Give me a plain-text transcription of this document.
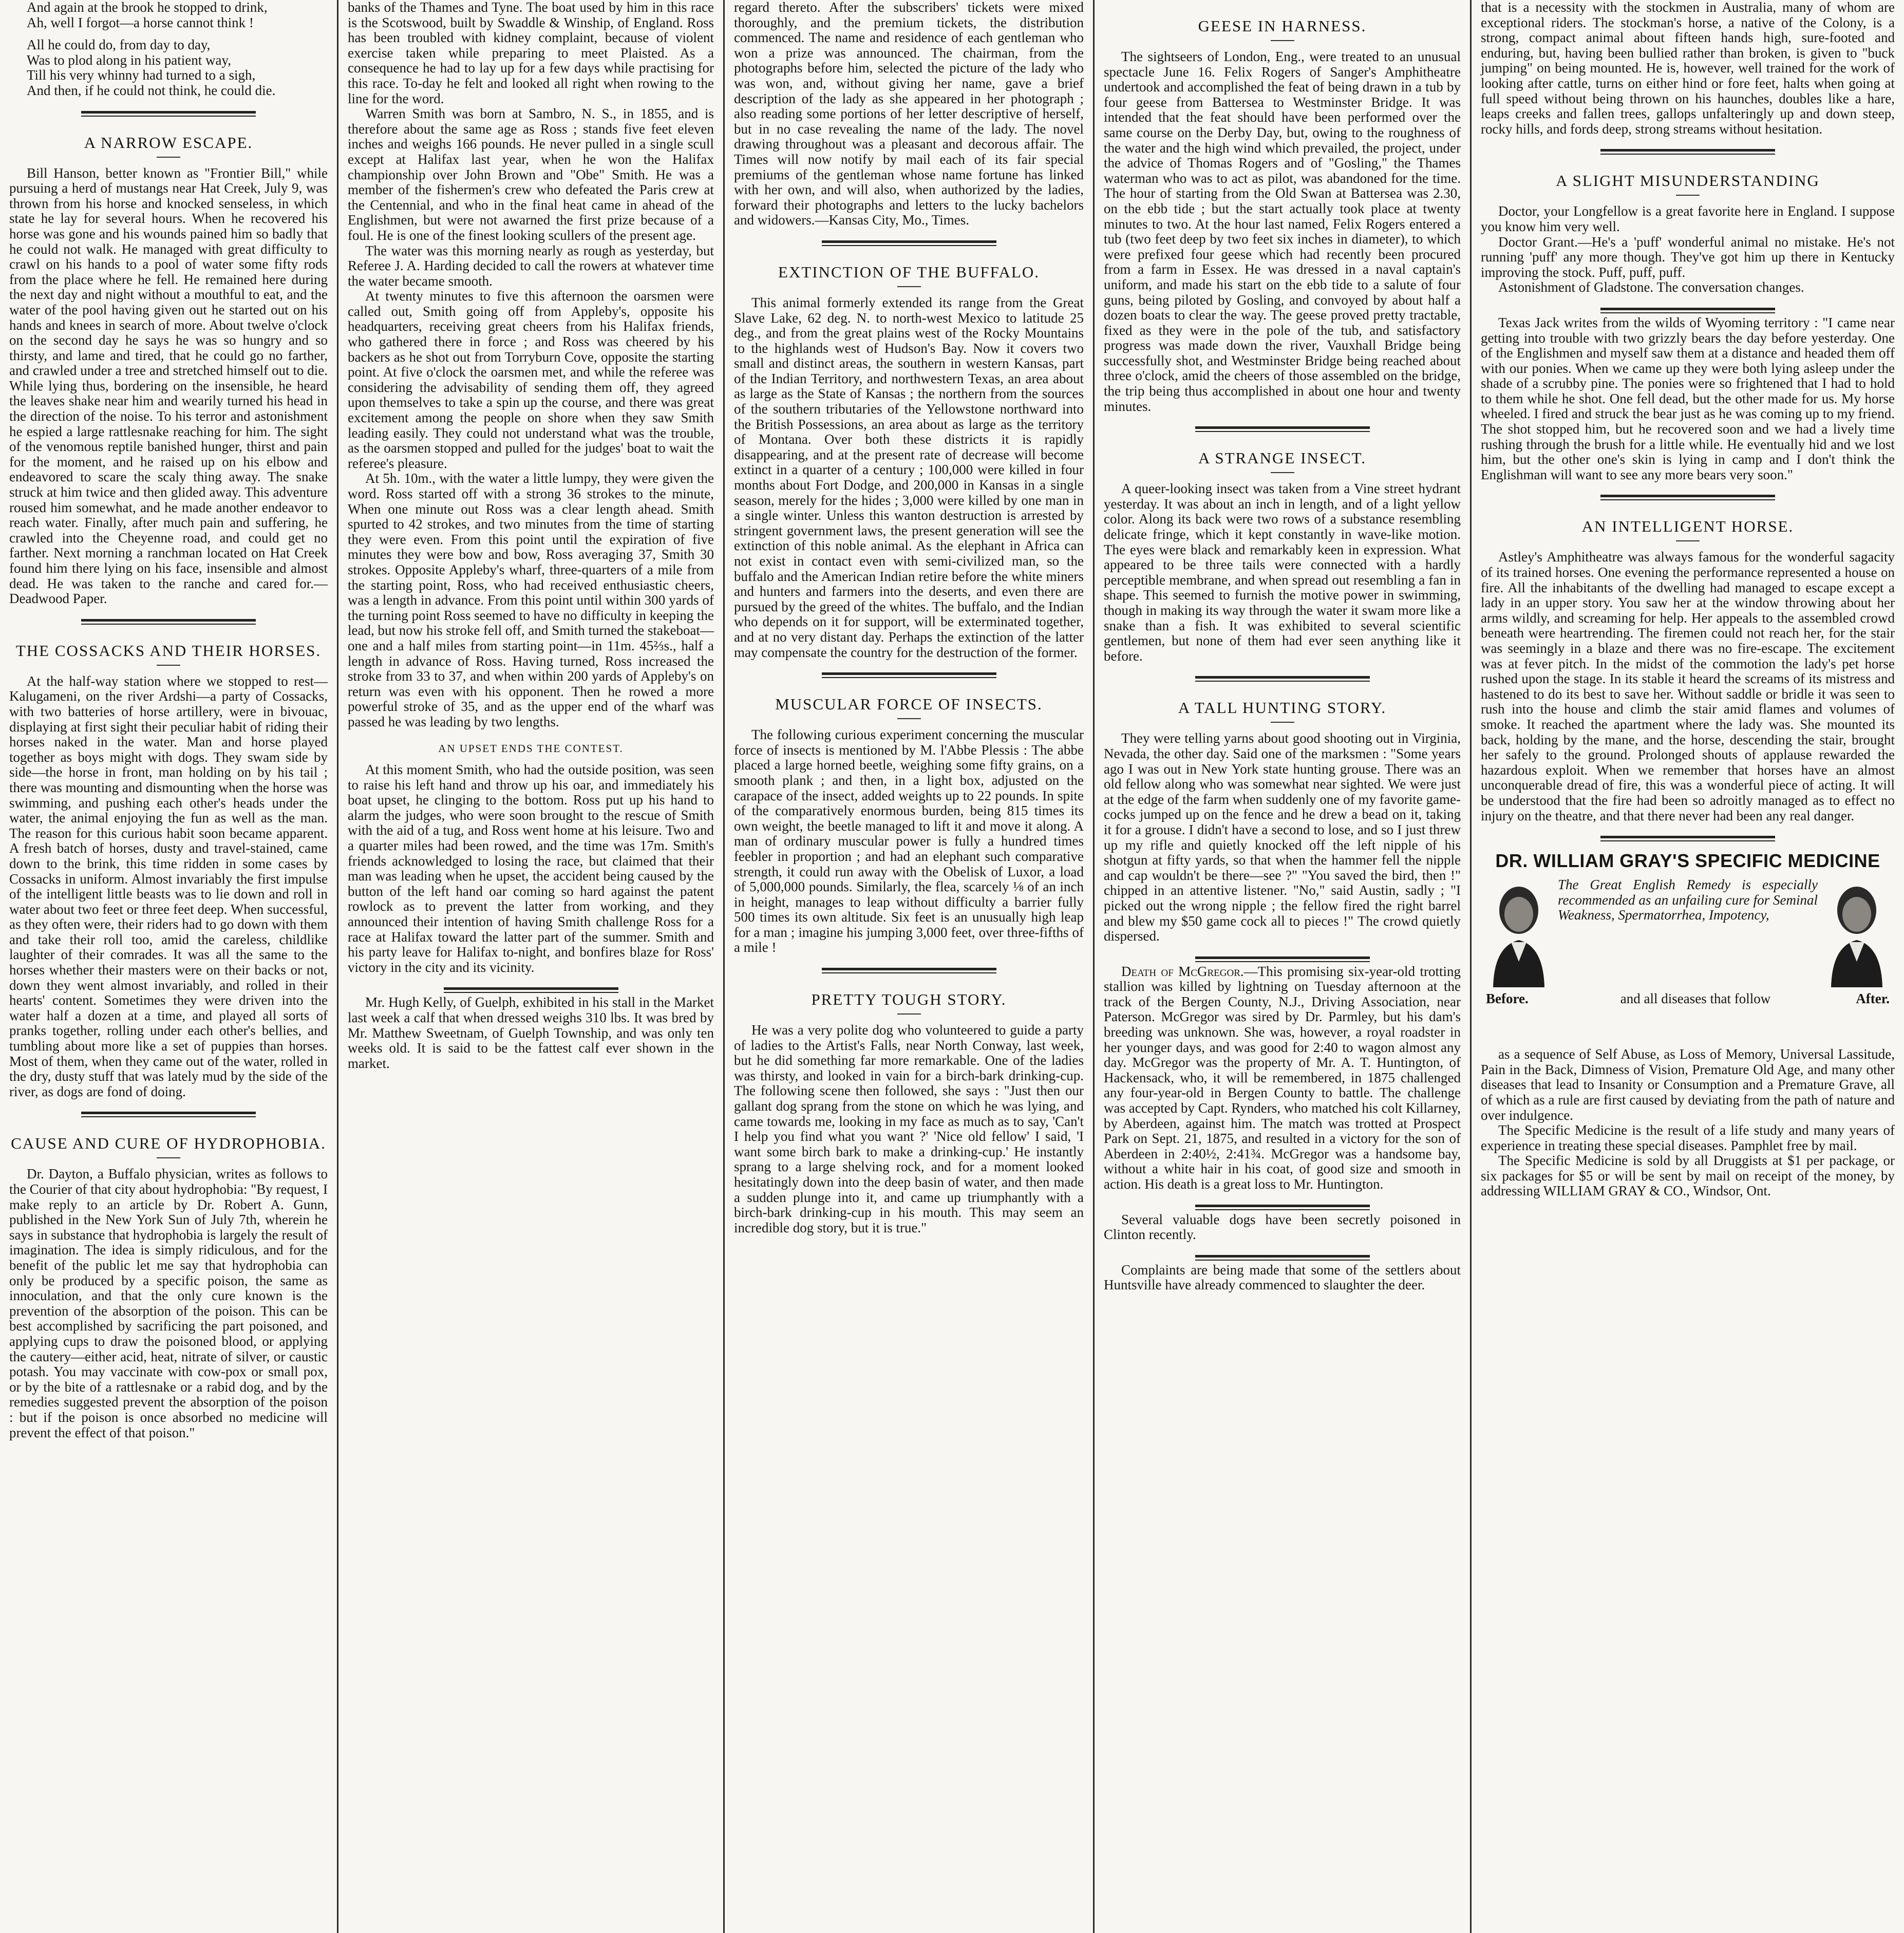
And again at the brook he stopped to drink,

Ah, well I forgot—a horse cannot think !

All he could do, from day to day,

Was to plod along in his patient way,

Till his very whinny had turned to a sigh,

And then, if he could not think, he could die.

A NARROW ESCAPE.

Bill Hanson, better known as "Frontier Bill," while pursuing a herd of mustangs near Hat Creek, July 9, was thrown from his horse and knocked senseless, in which state he lay for several hours. When he recovered his horse was gone and his wounds pained him so badly that he could not walk. He managed with great difficulty to crawl on his hands to a pool of water some fifty rods from the place where he fell. He remained here during the next day and night without a mouthful to eat, and the water of the pool having given out he started out on his hands and knees in search of more. About twelve o'clock on the second day he says he was so hungry and so thirsty, and lame and tired, that he could go no farther, and crawled under a tree and stretched himself out to die. While lying thus, bordering on the insensible, he heard the leaves shake near him and wearily turned his head in the direction of the noise. To his terror and astonishment he espied a large rattlesnake reaching for him. The sight of the venomous reptile banished hunger, thirst and pain for the moment, and he raised up on his elbow and endeavored to scare the scaly thing away. The snake struck at him twice and then glided away. This adventure roused him somewhat, and he made another endeavor to reach water. Finally, after much pain and suffering, he crawled into the Cheyenne road, and could get no farther. Next morning a ranchman located on Hat Creek found him there lying on his face, insensible and almost dead. He was taken to the ranche and cared for.—Deadwood Paper.

THE COSSACKS AND THEIR HORSES.

At the half-way station where we stopped to rest—Kalugameni, on the river Ardshi—a party of Cossacks, with two batteries of horse artillery, were in bivouac, displaying at first sight their peculiar habit of riding their horses naked in the water. Man and horse played together as boys might with dogs. They swam side by side—the horse in front, man holding on by his tail ; there was mounting and dismounting when the horse was swimming, and pushing each other's heads under the water, the animal enjoying the fun as well as the man. The reason for this curious habit soon became apparent. A fresh batch of horses, dusty and travel-stained, came down to the brink, this time ridden in some cases by Cossacks in uniform. Almost invariably the first impulse of the intelligent little beasts was to lie down and roll in water about two feet or three feet deep. When successful, as they often were, their riders had to go down with them and take their roll too, amid the careless, childlike laughter of their comrades. It was all the same to the horses whether their masters were on their backs or not, down they went almost invariably, and rolled in their hearts' content. Sometimes they were driven into the water half a dozen at a time, and played all sorts of pranks together, rolling under each other's bellies, and tumbling about more like a set of puppies than horses. Most of them, when they came out of the water, rolled in the dry, dusty stuff that was lately mud by the side of the river, as dogs are fond of doing.

CAUSE AND CURE OF HYDROPHOBIA.

Dr. Dayton, a Buffalo physician, writes as follows to the Courier of that city about hydrophobia: "By request, I make reply to an article by Dr. Robert A. Gunn, published in the New York Sun of July 7th, wherein he says in substance that hydrophobia is largely the result of imagination. The idea is simply ridiculous, and for the benefit of the public let me say that hydrophobia can only be produced by a specific poison, the same as innoculation, and that the only cure known is the prevention of the absorption of the poison. This can be best accomplished by sacrificing the part poisoned, and applying cups to draw the poisoned blood, or applying the cautery—either acid, heat, nitrate of silver, or caustic potash. You may vaccinate with cow-pox or small pox, or by the bite of a rattlesnake or a rabid dog, and by the remedies suggested prevent the absorption of the poison : but if the poison is once absorbed no medicine will prevent the effect of that poison."

banks of the Thames and Tyne. The boat used by him in this race is the Scotswood, built by Swaddle & Winship, of England. Ross has been troubled with kidney complaint, because of violent exercise taken while preparing to meet Plaisted. As a consequence he had to lay up for a few days while practising for this race. To-day he felt and looked all right when rowing to the line for the word.

Warren Smith was born at Sambro, N. S., in 1855, and is therefore about the same age as Ross ; stands five feet eleven inches and weighs 166 pounds. He never pulled in a single scull except at Halifax last year, when he won the Halifax championship over John Brown and "Obe" Smith. He was a member of the fishermen's crew who defeated the Paris crew at the Centennial, and who in the final heat came in ahead of the Englishmen, but were not awarned the first prize because of a foul. He is one of the finest looking scullers of the present age.

The water was this morning nearly as rough as yesterday, but Referee J. A. Harding decided to call the rowers at whatever time the water became smooth.

At twenty minutes to five this afternoon the oarsmen were called out, Smith going off from Appleby's, opposite his headquarters, receiving great cheers from his Halifax friends, who gathered there in force ; and Ross was cheered by his backers as he shot out from Torryburn Cove, opposite the starting point. At five o'clock the oarsmen met, and while the referee was considering the advisability of sending them off, they agreed upon themselves to take a spin up the course, and there was great excitement among the people on shore when they saw Smith leading easily. They could not understand what was the trouble, as the oarsmen stopped and pulled for the judges' boat to wait the referee's pleasure.

At 5h. 10m., with the water a little lumpy, they were given the word. Ross started off with a strong 36 strokes to the minute, When one minute out Ross was a clear length ahead. Smith spurted to 42 strokes, and two minutes from the time of starting they were even. From this point until the expiration of five minutes they were bow and bow, Ross averaging 37, Smith 30 strokes. Opposite Appleby's wharf, three-quarters of a mile from the starting point, Ross, who had received enthusiastic cheers, was a length in advance. From this point until within 300 yards of the turning point Ross seemed to have no difficulty in keeping the lead, but now his stroke fell off, and Smith turned the stakeboat—one and a half miles from starting point—in 11m. 45⅔s., half a length in advance of Ross. Having turned, Ross increased the stroke from 33 to 37, and when within 200 yards of Appleby's on return was even with his opponent. Then he rowed a more powerful stroke of 35, and as the upper end of the wharf was passed he was leading by two lengths.

AN UPSET ENDS THE CONTEST.

At this moment Smith, who had the outside position, was seen to raise his left hand and throw up his oar, and immediately his boat upset, he clinging to the bottom. Ross put up his hand to alarm the judges, who were soon brought to the rescue of Smith with the aid of a tug, and Ross went home at his leisure. Two and a quarter miles had been rowed, and the time was 17m. Smith's friends acknowledged to losing the race, but claimed that their man was leading when he upset, the accident being caused by the button of the left hand oar coming so hard against the patent rowlock as to prevent the latter from working, and they announced their intention of having Smith challenge Ross for a race at Halifax toward the latter part of the summer. Smith and his party leave for Halifax to-night, and bonfires blaze for Ross' victory in the city and its vicinity.

Mr. Hugh Kelly, of Guelph, exhibited in his stall in the Market last week a calf that when dressed weighs 310 lbs. It was bred by Mr. Matthew Sweetnam, of Guelph Township, and was only ten weeks old. It is said to be the fattest calf ever shown in the market.

regard thereto. After the subscribers' tickets were mixed thoroughly, and the premium tickets, the distribution commenced. The name and residence of each gentleman who won a prize was announced. The chairman, from the photographs before him, selected the picture of the lady who was won, and, without giving her name, gave a brief description of the lady as she appeared in her photograph ; also reading some portions of her letter descriptive of herself, but in no case revealing the name of the lady. The novel drawing throughout was a pleasant and decorous affair. The Times will now notify by mail each of its fair special premiums of the gentleman whose name fortune has linked with her own, and will also, when authorized by the ladies, forward their photographs and letters to the lucky bachelors and widowers.—Kansas City, Mo., Times.

EXTINCTION OF THE BUFFALO.

This animal formerly extended its range from the Great Slave Lake, 62 deg. N. to north-west Mexico to latitude 25 deg., and from the great plains west of the Rocky Mountains to the highlands west of Hudson's Bay. Now it covers two small and distinct areas, the southern in western Kansas, part of the Indian Territory, and northwestern Texas, an area about as large as the State of Kansas ; the northern from the sources of the southern tributaries of the Yellowstone northward into the British Possessions, an area about as large as the territory of Montana. Over both these districts it is rapidly disappearing, and at the present rate of decrease will become extinct in a quarter of a century ; 100,000 were killed in four months about Fort Dodge, and 200,000 in Kansas in a single season, merely for the hides ; 3,000 were killed by one man in a single winter. Unless this wanton destruction is arrested by stringent government laws, the present generation will see the extinction of this noble animal. As the elephant in Africa can not exist in contact even with semi-civilized man, so the buffalo and the American Indian retire before the white miners and hunters and farmers into the deserts, and even there are pursued by the greed of the whites. The buffalo, and the Indian who depends on it for support, will be exterminated together, and at no very distant day. Perhaps the extinction of the latter may compensate the country for the destruction of the former.

MUSCULAR FORCE OF INSECTS.

The following curious experiment concerning the muscular force of insects is mentioned by M. l'Abbe Plessis : The abbe placed a large horned beetle, weighing some fifty grains, on a smooth plank ; and then, in a light box, adjusted on the carapace of the insect, added weights up to 22 pounds. In spite of the comparatively enormous burden, being 815 times its own weight, the beetle managed to lift it and move it along. A man of ordinary muscular power is fully a hundred times feebler in proportion ; and had an elephant such comparative strength, it could run away with the Obelisk of Luxor, a load of 5,000,000 pounds. Similarly, the flea, scarcely ⅛ of an inch in height, manages to leap without difficulty a barrier fully 500 times its own altitude. Six feet is an unusually high leap for a man ; imagine his jumping 3,000 feet, over three-fifths of a mile !

PRETTY TOUGH STORY.

He was a very polite dog who volunteered to guide a party of ladies to the Artist's Falls, near North Conway, last week, but he did something far more remarkable. One of the ladies was thirsty, and looked in vain for a birch-bark drinking-cup. The following scene then followed, she says : "Just then our gallant dog sprang from the stone on which he was lying, and came towards me, looking in my face as much as to say, 'Can't I help you find what you want ?' 'Nice old fellow' I said, 'I want some birch bark to make a drinking-cup.' He instantly sprang to a large shelving rock, and for a moment looked hesitatingly down into the deep basin of water, and then made a sudden plunge into it, and came up triumphantly with a birch-bark drinking-cup in his mouth. This may seem an incredible dog story, but it is true."

GEESE IN HARNESS.

The sightseers of London, Eng., were treated to an unusual spectacle June 16. Felix Rogers of Sanger's Amphitheatre undertook and accomplished the feat of being drawn in a tub by four geese from Battersea to Westminster Bridge. It was intended that the feat should have been performed over the same course on the Derby Day, but, owing to the roughness of the water and the high wind which prevailed, the project, under the advice of Thomas Rogers and of "Gosling," the Thames waterman who was to act as pilot, was abandoned for the time. The hour of starting from the Old Swan at Battersea was 2.30, on the ebb tide ; but the start actually took place at twenty minutes to two. At the hour last named, Felix Rogers entered a tub (two feet deep by two feet six inches in diameter), to which were prefixed four geese which had recently been procured from a farm in Essex. He was dressed in a naval captain's uniform, and made his start on the ebb tide to a salute of four guns, being piloted by Gosling, and convoyed by about half a dozen boats to clear the way. The geese proved pretty tractable, fixed as they were in the pole of the tub, and satisfactory progress was made down the river, Vauxhall Bridge being successfully shot, and Westminster Bridge being reached about three o'clock, amid the cheers of those assembled on the bridge, the trip being thus accomplished in about one hour and twenty minutes.

A STRANGE INSECT.

A queer-looking insect was taken from a Vine street hydrant yesterday. It was about an inch in length, and of a light yellow color. Along its back were two rows of a substance resembling delicate fringe, which it kept constantly in wave-like motion. The eyes were black and remarkably keen in expression. What appeared to be three tails were connected with a hardly perceptible membrane, and when spread out resembling a fan in shape. This seemed to furnish the motive power in swimming, though in making its way through the water it swam more like a snake than a fish. It was exhibited to several scientific gentlemen, but none of them had ever seen anything like it before.

A TALL HUNTING STORY.

They were telling yarns about good shooting out in Virginia, Nevada, the other day. Said one of the marksmen : "Some years ago I was out in New York state hunting grouse. There was an old fellow along who was somewhat near sighted. We were just at the edge of the farm when suddenly one of my favorite game-cocks jumped up on the fence and he drew a bead on it, taking it for a grouse. I didn't have a second to lose, and so I just threw up my rifle and quietly knocked off the left nipple of his shotgun at fifty yards, so that when the hammer fell the nipple and cap wouldn't be there—see ?" "You saved the bird, then !" chipped in an attentive listener. "No," said Austin, sadly ; "I picked out the wrong nipple ; the fellow fired the right barrel and blew my $50 game cock all to pieces !" The crowd quietly dispersed.

Death of McGregor.—This promising six-year-old trotting stallion was killed by lightning on Tuesday afternoon at the track of the Bergen County, N.J., Driving Association, near Paterson. McGregor was sired by Dr. Parmley, but his dam's breeding was unknown. She was, however, a royal roadster in her younger days, and was good for 2:40 to wagon almost any day. McGregor was the property of Mr. A. T. Huntington, of Hackensack, who, it will be remembered, in 1875 challenged any four-year-old in Bergen County to battle. The challenge was accepted by Capt. Rynders, who matched his colt Killarney, by Aberdeen, against him. The match was trotted at Prospect Park on Sept. 21, 1875, and resulted in a victory for the son of Aberdeen in 2:40½, 2:41¾. McGregor was a handsome bay, without a white hair in his coat, of good size and smooth in action. His death is a great loss to Mr. Huntington.

Several valuable dogs have been secretly poisoned in Clinton recently.

Complaints are being made that some of the settlers about Huntsville have already commenced to slaughter the deer.

that is a necessity with the stockmen in Australia, many of whom are exceptional riders. The stockman's horse, a native of the Colony, is a strong, compact animal about fifteen hands high, sure-footed and enduring, but, having been bullied rather than broken, is given to "buck jumping" on being mounted. He is, however, well trained for the work of looking after cattle, turns on either hind or fore feet, halts when going at full speed without being thrown on his haunches, doubles like a hare, leaps creeks and fallen trees, gallops unfalteringly up and down steep, rocky hills, and fords deep, strong streams without hesitation.

A SLIGHT MISUNDERSTANDING

Doctor, your Longfellow is a great favorite here in England. I suppose you know him very well.

Doctor Grant.—He's a 'puff' wonderful animal no mistake. He's not running 'puff' any more though. They've got him up there in Kentucky improving the stock. Puff, puff, puff.

Astonishment of Gladstone. The conversation changes.

Texas Jack writes from the wilds of Wyoming territory : "I came near getting into trouble with two grizzly bears the day before yesterday. One of the Englishmen and myself saw them at a distance and headed them off with our ponies. When we came up they were both lying asleep under the shade of a scrubby pine. The ponies were so frightened that I had to hold to them while he shot. One fell dead, but the other made for us. My horse wheeled. I fired and struck the bear just as he was coming up to my friend. The shot stopped him, but he recovered soon and we had a lively time rushing through the brush for a little while. He eventually hid and we lost him, but the other one's skin is lying in camp and I don't think the Englishman will want to see any more bears very soon."

AN INTELLIGENT HORSE.

Astley's Amphitheatre was always famous for the wonderful sagacity of its trained horses. One evening the performance represented a house on fire. All the inhabitants of the dwelling had managed to escape except a lady in an upper story. You saw her at the window throwing about her arms wildly, and screaming for help. Her appeals to the assembled crowd beneath were heartrending. The firemen could not reach her, for the stair was seemingly in a blaze and there was no fire-escape. The excitement was at fever pitch. In the midst of the commotion the lady's pet horse rushed upon the stage. In its stable it heard the screams of its mistress and hastened to do its best to save her. Without saddle or bridle it was seen to rush into the house and climb the stair amid flames and volumes of smoke. It reached the apartment where the lady was. She mounted its back, holding by the mane, and the horse, descending the stair, brought her safely to the ground. Prolonged shouts of applause rewarded the hazardous exploit. When we remember that horses have an almost unconquerable dread of fire, this was a wonderful piece of acting. It will be understood that the fire had been so adroitly managed as to effect no injury on the theatre, and that there never had been any real danger.

DR. WILLIAM GRAY'S SPECIFIC MEDICINE
The Great English Remedy is especially recommended as an unfailing cure for Seminal Weakness, Spermatorrhea, Impotency,
Before.	and all diseases that follow	After.

as a sequence of Self Abuse, as Loss of Memory, Universal Lassitude, Pain in the Back, Dimness of Vision, Premature Old Age, and many other diseases that lead to Insanity or Consumption and a Premature Grave, all of which as a rule are first caused by deviating from the path of nature and over indulgence.

The Specific Medicine is the result of a life study and many years of experience in treating these special diseases. Pamphlet free by mail.

The Specific Medicine is sold by all Druggists at $1 per package, or six packages for $5 or will be sent by mail on receipt of the money, by addressing WILLIAM GRAY & CO., Windsor, Ont.
